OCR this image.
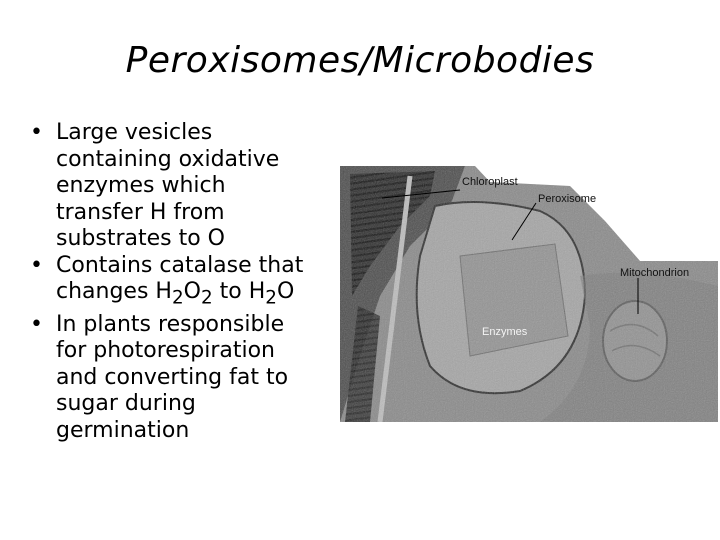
Peroxisomes/Microbodies
• Large vesicles
containing oxidative
enzymes which
transfer H from
substrates to O
• Contains catalase that
changes $H_2O_2$ to $H_2O$
• In plants responsible
for photorespiration
and converting fat to
sugar during
germination
Chloroplast
Peroxisome
Mitochondrion
Enzymes
